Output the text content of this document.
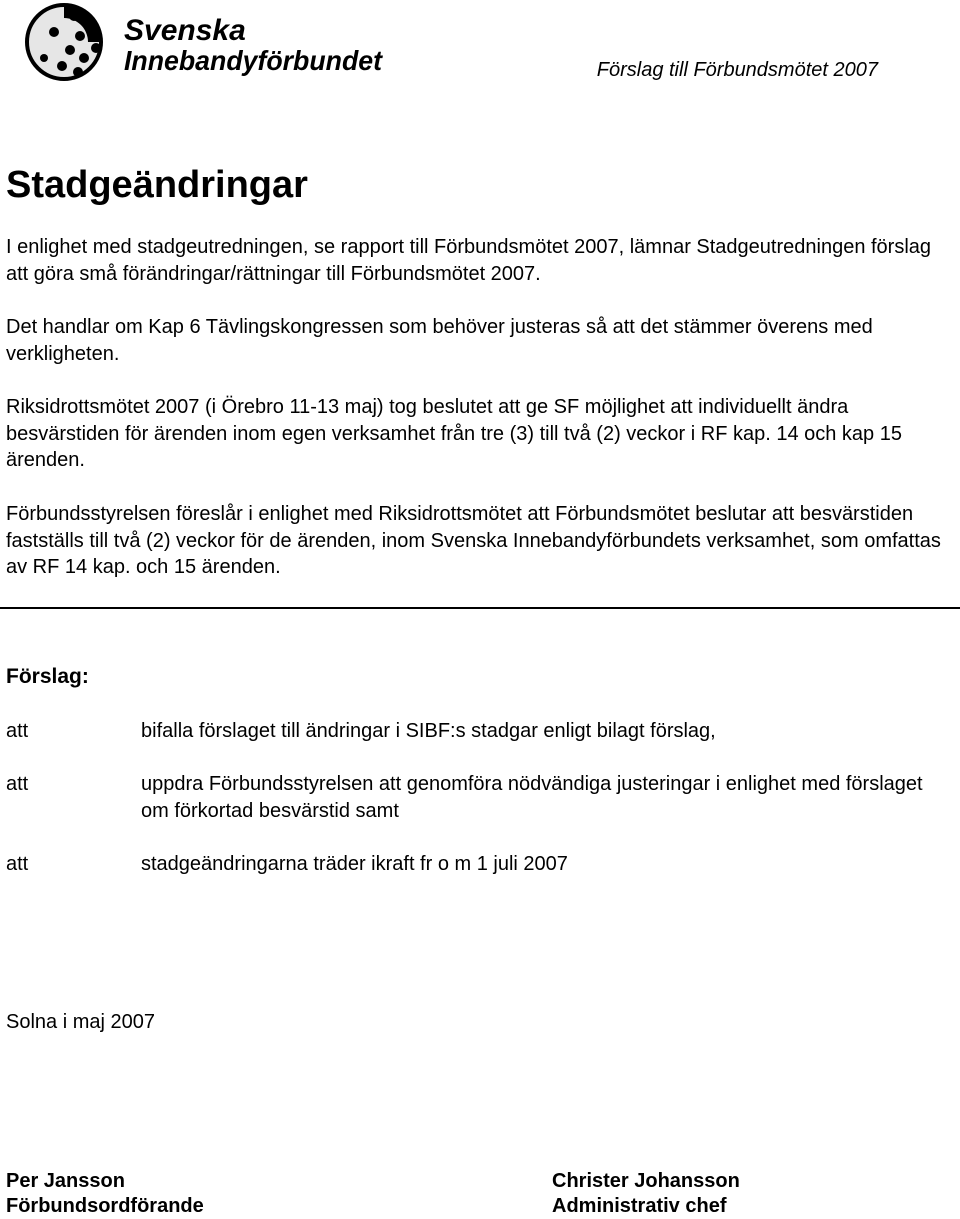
Svenska
Innebandyförbundet	Förslag till Förbundsmötet 2007
Stadgeändringar

I enlighet med stadgeutredningen, se rapport till Förbundsmötet 2007, lämnar Stadgeutredningen förslag att göra små förändringar/rättningar till Förbundsmötet 2007.

Det handlar om Kap 6 Tävlingskongressen som behöver justeras så att det stämmer överens med verkligheten.

Riksidrottsmötet 2007 (i Örebro 11-13 maj) tog beslutet att ge SF möjlighet att individuellt ändra besvärstiden för ärenden inom egen verksamhet från tre (3) till två (2) veckor i RF kap. 14 och kap 15 ärenden.

Förbundsstyrelsen föreslår i enlighet med Riksidrottsmötet att Förbundsmötet beslutar att besvärstiden fastställs till två (2) veckor för de ärenden, inom Svenska Innebandyförbundets verksamhet, som omfattas av RF 14 kap. och 15 ärenden.

Förslag:
att	bifalla förslaget till ändringar i SIBF:s stadgar enligt bilagt förslag,

att	uppdra Förbundsstyrelsen att genomföra nödvändiga justeringar i enlighet med förslaget om förkortad besvärstid samt

att	stadgeändringarna träder ikraft fr o m 1 juli 2007

Solna i maj 2007
Per Jansson
Förbundsordförande
Christer Johansson
Administrativ chef
